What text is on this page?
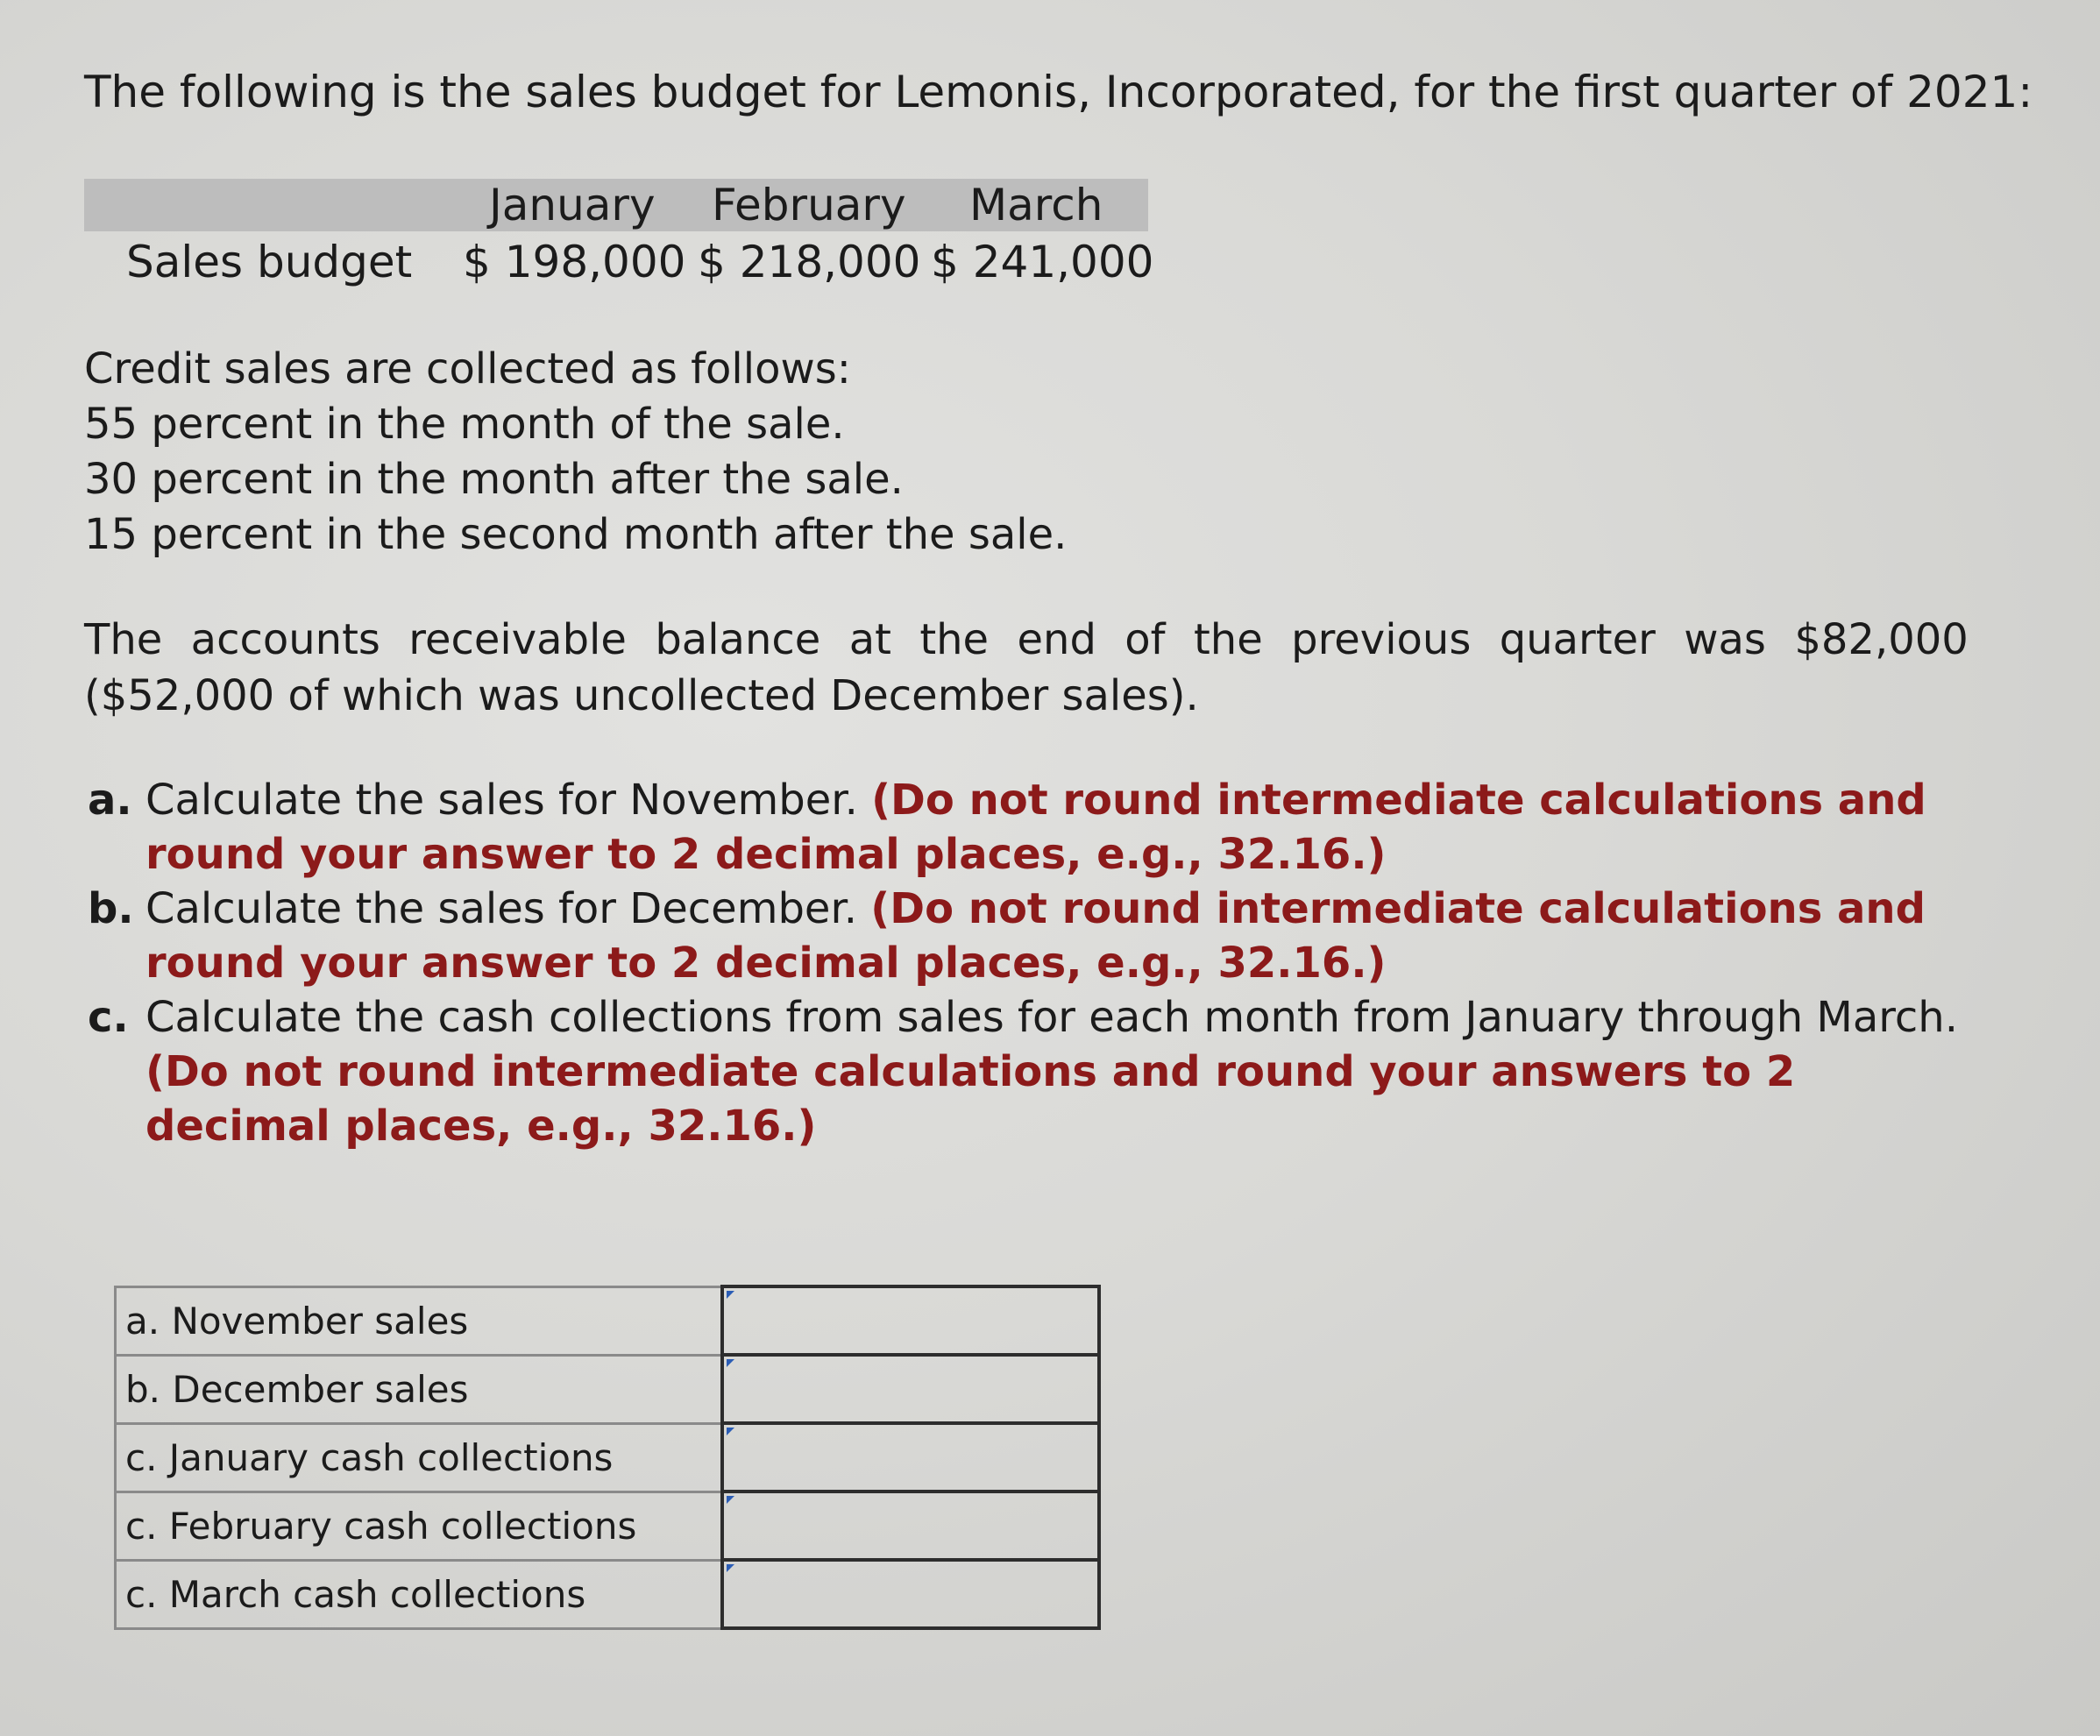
The following is the sales budget for Lemonis, Incorporated, for the first quarter of 2021:

January February March
Sales budget $ 198,000 $ 218,000 $ 241,000
Credit sales are collected as follows:
55 percent in the month of the sale.
30 percent in the month after the sale.
15 percent in the second month after the sale.
The accounts receivable balance at the end of the previous quarter was $82,000
($52,000 of which was uncollected December sales).
a. Calculate the sales for November. (Do not round intermediate calculations and round your answer to 2 decimal places, e.g., 32.16.)
b. Calculate the sales for December. (Do not round intermediate calculations and round your answer to 2 decimal places, e.g., 32.16.)
c. Calculate the cash collections from sales for each month from January through March. (Do not round intermediate calculations and round your answers to 2 decimal places, e.g., 32.16.)
a. November sales	

b. December sales	

c. January cash collections	

c. February cash collections	

c. March cash collections	
